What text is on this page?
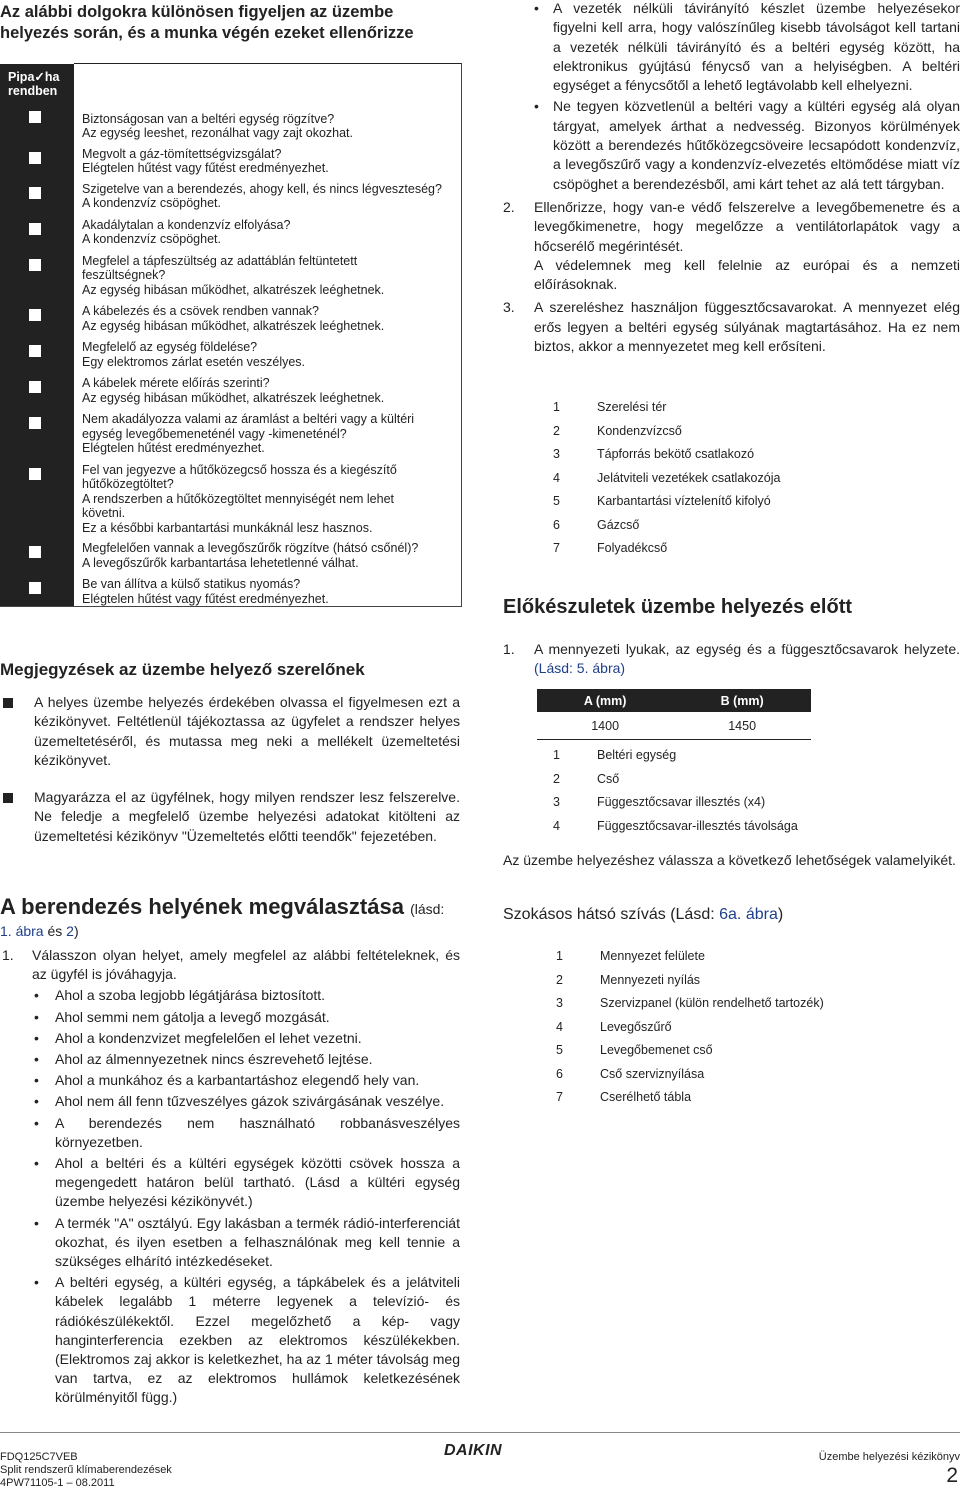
Az alábbi dolgokra különösen figyeljen az üzembe
helyezés során, és a munka végén ezeket ellenőrizze
Pipa✓ha
rendben	

	Biztonságosan van a beltéri egység rögzítve?
Az egység leeshet, rezonálhat vagy zajt okozhat.

	Megvolt a gáz-tömítettségvizsgálat?
Elégtelen hűtést vagy fűtést eredményezhet.

	Szigetelve van a berendezés, ahogy kell, és nincs légveszteség?
A kondenzvíz csöpöghet.

	Akadálytalan a kondenzvíz elfolyása?
A kondenzvíz csöpöghet.

	Megfelel a tápfeszültség az adattáblán feltüntetett
feszültségnek?
Az egység hibásan működhet, alkatrészek leéghetnek.

	A kábelezés és a csövek rendben vannak?
Az egység hibásan működhet, alkatrészek leéghetnek.

	Megfelelő az egység földelése?
Egy elektromos zárlat esetén veszélyes.

	A kábelek mérete előírás szerinti?
Az egység hibásan működhet, alkatrészek leéghetnek.

	Nem akadályozza valami az áramlást a beltéri vagy a kültéri
egység levegőbemeneténél vagy -kimeneténél?
Elégtelen hűtést eredményezhet.

	Fel van jegyezve a hűtőközegcső hossza és a kiegészítő
hűtőközegtöltet?
A rendszerben a hűtőközegtöltet mennyiségét nem lehet
követni.
Ez a későbbi karbantartási munkáknál lesz hasznos.

	Megfelelően vannak a levegőszűrők rögzítve (hátsó csőnél)?
A levegőszűrők karbantartása lehetetlenné válhat.

	Be van állítva a külső statikus nyomás?
Elégtelen hűtést vagy fűtést eredményezhet.
Megjegyzések az üzembe helyező szerelőnek
A helyes üzembe helyezés érdekében olvassa el figyelmesen ezt a kézikönyvet. Feltétlenül tájékoztassa az ügyfelet a rendszer helyes üzemeltetéséről, és mutassa meg neki a mellékelt üzemeltetési kézikönyvet.
Magyarázza el az ügyfélnek, hogy milyen rendszer lesz felszerelve. Ne feledje a megfelelő üzembe helyezési adatokat kitölteni az üzemeltetési kézikönyv "Üzemeltetés előtti teendők" fejezetében.
A berendezés helyének megválasztása (lásd:
1. ábra és 2)
1. Válasszon olyan helyet, amely megfelel az alábbi feltételeknek, és az ügyfél is jóváhagyja.
• Ahol a szoba legjobb légátjárása biztosított.
• Ahol semmi nem gátolja a levegő mozgását.
• Ahol a kondenzvizet megfelelően el lehet vezetni.
• Ahol az álmennyezetnek nincs észrevehető lejtése.
• Ahol a munkához és a karbantartáshoz elegendő hely van.
• Ahol nem áll fenn tűzveszélyes gázok szivárgásának veszélye.
• A berendezés nem használható robbanásveszélyes környezetben.
• Ahol a beltéri és a kültéri egységek közötti csövek hossza a megengedett határon belül tartható. (Lásd a kültéri egység üzembe helyezési kézikönyvét.)
• A termék "A" osztályú. Egy lakásban a termék rádió-interferenciát okozhat, és ilyen esetben a felhasználónak meg kell tennie a szükséges elhárító intézkedéseket.
• A beltéri egység, a kültéri egység, a tápkábelek és a jelátviteli kábelek legalább 1 méterre legyenek a televízió- és rádiókészülékektől. Ezzel megelőzhető a kép- vagy hanginterferencia ezekben az elektromos készülékekben. (Elektromos zaj akkor is keletkezhet, ha az 1 méter távolság meg van tartva, ez az elektromos hullámok keletkezésének körülményitől függ.)
• A vezeték nélküli távirányító készlet üzembe helyezésekor figyelni kell arra, hogy valószínűleg kisebb távolságot kell tartani a vezeték nélküli távirányító és a beltéri egység között, ha elektronikus gyújtású fénycső van a helyiségben. A beltéri egységet a fénycsőtől a lehető legtávolabb kell elhelyezni.
• Ne tegyen közvetlenül a beltéri vagy a kültéri egység alá olyan tárgyat, amelyek árthat a nedvesség. Bizonyos körülmények között a berendezés hűtőközegcsöveire lecsapódott kondenzvíz, a levegőszűrő vagy a kondenzvíz-elvezetés eltömődése miatt víz csöpöghet a berendezésből, ami kárt tehet az alá tett tárgyban.
2. Ellenőrizze, hogy van-e védő felszerelve a levegőbemenetre és a levegőkimenetre, hogy megelőzze a ventilátorlapátok vagy a hőcserélő megérintését.
A védelemnek meg kell felelnie az európai és a nemzeti előírásoknak.
3. A szereléshez használjon függesztőcsavarokat. A mennyezet elég erős legyen a beltéri egység súlyának magtartásához. Ha ez nem biztos, akkor a mennyezetet meg kell erősíteni.
1	Szerelési tér
2	Kondenzvízcső
3	Tápforrás bekötő csatlakozó
4	Jelátviteli vezetékek csatlakozója
5	Karbantartási víztelenítő kifolyó
6	Gázcső
7	Folyadékcső
Előkészuletek üzembe helyezés előtt
1. A mennyezeti lyukak, az egység és a függesztőcsavarok helyzete. (Lásd: 5. ábra)
A (mm)	B (mm)
1400	1450
1	Beltéri egység
2	Cső
3	Függesztőcsavar illesztés (x4)
4	Függesztőcsavar-illesztés távolsága
Az üzembe helyezéshez válassza a következő lehetőségek valamelyikét.
Szokásos hátsó szívás (Lásd: 6a. ábra)
1	Mennyezet felülete
2	Mennyezeti nyílás
3	Szervizpanel (külön rendelhető tartozék)
4	Levegőszűrő
5	Levegőbemenet cső
6	Cső szerviznyílása
7	Cserélhető tábla
FDQ125C7VEB
Split rendszerű klímaberendezések
4PW71105-1 – 08.2011
DAIKIN	Üzembe helyezési kézikönyv
2
